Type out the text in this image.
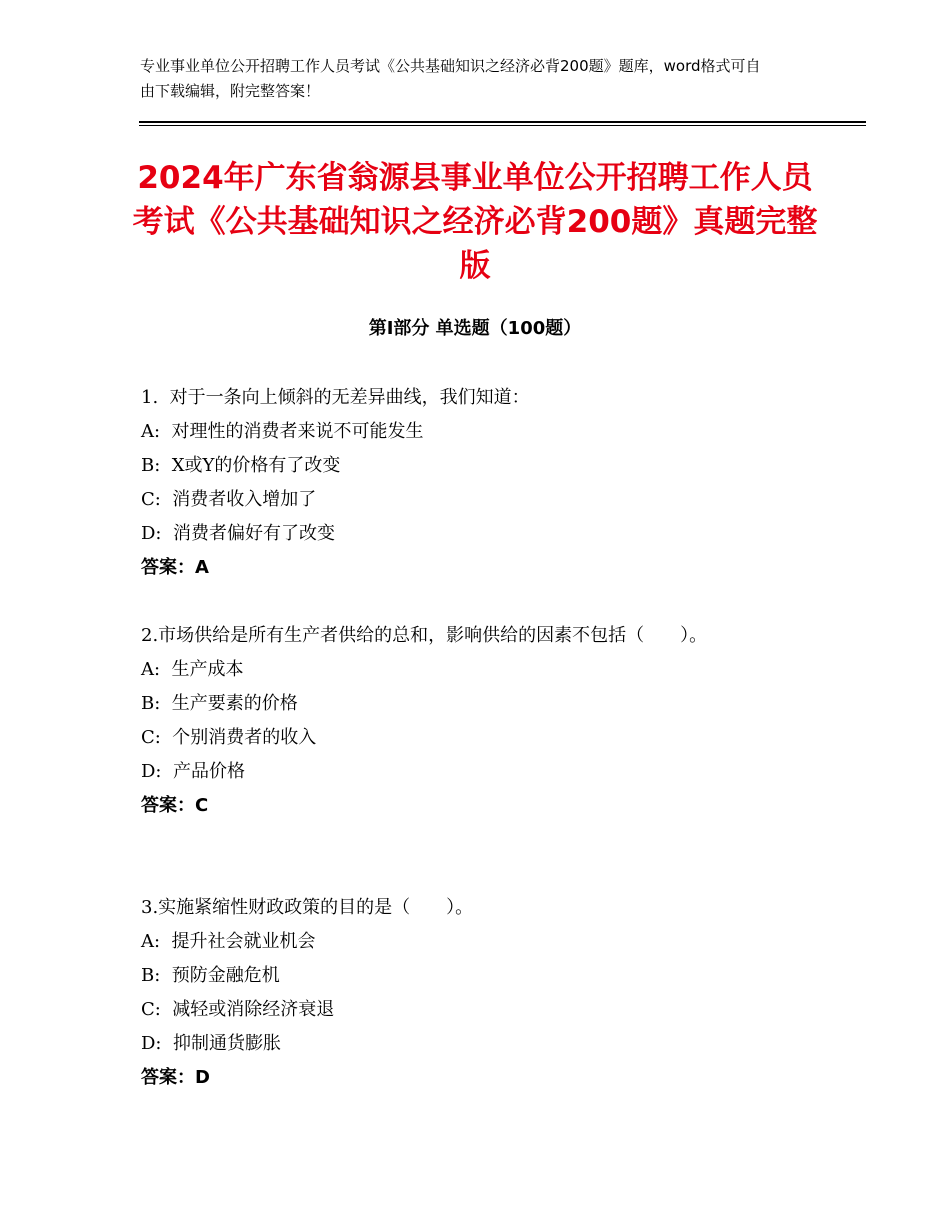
专业事业单位公开招聘工作人员考试《公共基础知识之经济必背200题》题库，word格式可自由下载编辑，附完整答案！
2024年广东省翁源县事业单位公开招聘工作人员考试《公共基础知识之经济必背200题》真题完整版
第Ⅰ部分 单选题（100题）
1.  对于一条向上倾斜的无差异曲线，我们知道：
A:  对理性的消费者来说不可能发生
B:  X或Y的价格有了改变
C:  消费者收入增加了
D:  消费者偏好有了改变
答案：A
2.市场供给是所有生产者供给的总和，影响供给的因素不包括（　　）。
A:  生产成本
B:  生产要素的价格
C:  个别消费者的收入
D:  产品价格
答案：C
3.实施紧缩性财政政策的目的是（　　）。
A:  提升社会就业机会
B:  预防金融危机
C:  减轻或消除经济衰退
D:  抑制通货膨胀
答案：D
